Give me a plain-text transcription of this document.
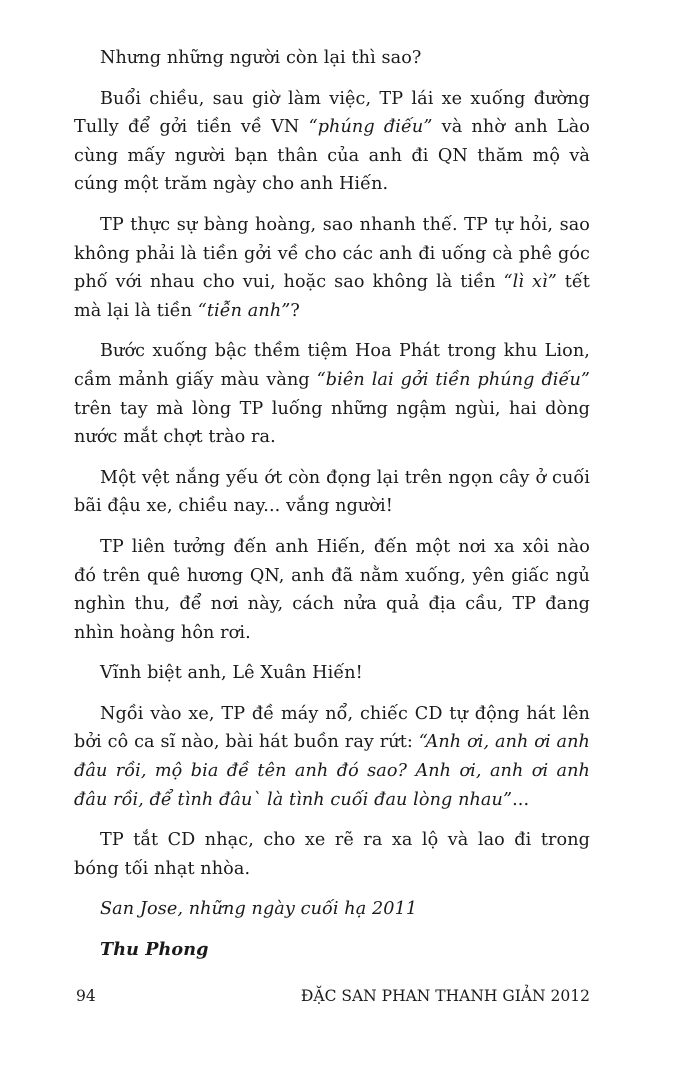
Nhưng những người còn lại thì sao?

Buổi chiều, sau giờ làm việc, TP lái xe xuống đường Tully để gởi tiền về VN “phúng điếu” và nhờ anh Lào cùng mấy người bạn thân của anh đi QN thăm mộ và cúng một trăm ngày cho anh Hiến.

TP thực sự bàng hoàng, sao nhanh thế. TP tự hỏi, sao không phải là tiền gởi về cho các anh đi uống cà phê góc phố với nhau cho vui, hoặc sao không là tiền “lì xì” tết mà lại là tiền “tiễn anh”?

Bước xuống bậc thềm tiệm Hoa Phát trong khu Lion, cầm mảnh giấy màu vàng “biên lai gởi tiền phúng điếu” trên tay mà lòng TP luống những ngậm ngùi, hai dòng nước mắt chợt trào ra.

Một vệt nắng yếu ớt còn đọng lại trên ngọn cây ở cuối bãi đậu xe, chiều nay... vắng người!

TP liên tưởng đến anh Hiến, đến một nơi xa xôi nào đó trên quê hương QN, anh đã nằm xuống, yên giấc ngủ nghìn thu, để nơi này, cách nửa quả địa cầu, TP đang nhìn hoàng hôn rơi.

Vĩnh biệt anh, Lê Xuân Hiến!

Ngồi vào xe, TP đề máy nổ, chiếc CD tự động hát lên bởi cô ca sĩ nào, bài hát buồn ray rứt: “Anh ơi, anh ơi anh đâu rồi, mộ bia đề tên anh đó sao? Anh ơi, anh ơi anh đâu rồi, để tình đâu` là tình cuối đau lòng nhau”...

TP tắt CD nhạc, cho xe rẽ ra xa lộ và lao đi trong bóng tối nhạt nhòa.

San Jose, những ngày cuối hạ 2011

Thu Phong

94	ĐẶC SAN PHAN THANH GIẢN 2012
